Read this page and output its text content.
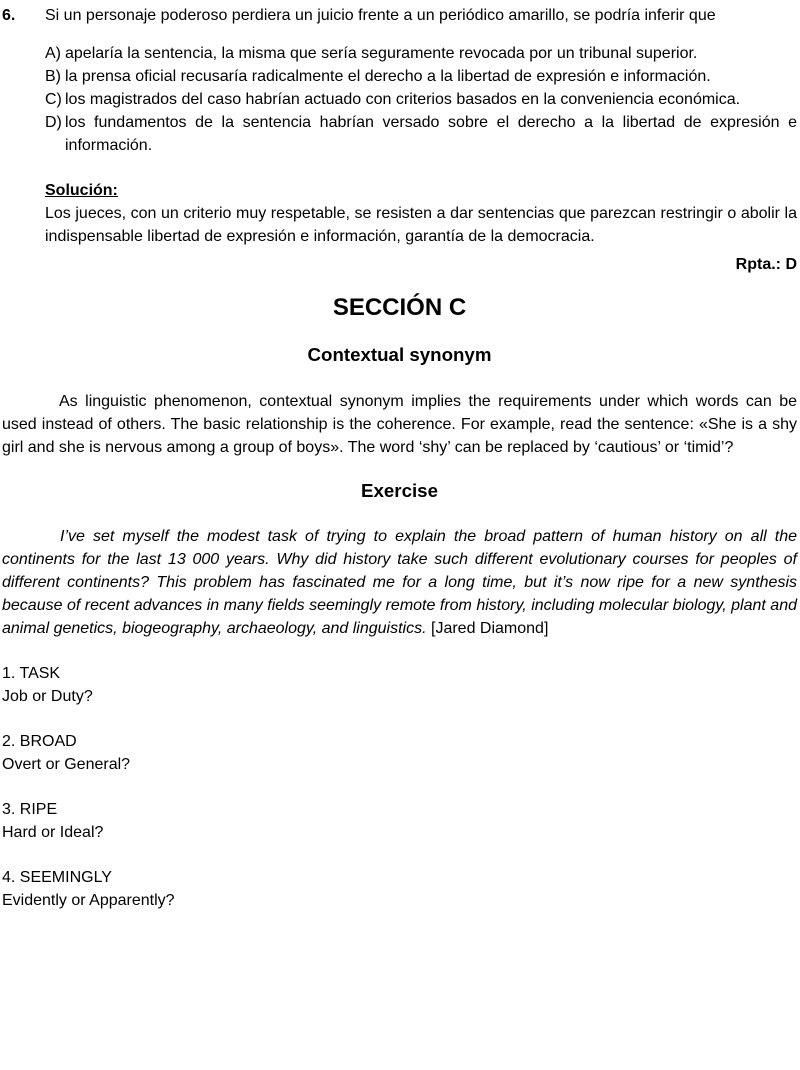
6.	Si un personaje poderoso perdiera un juicio frente a un periódico amarillo, se podría inferir que

A) apelaría la sentencia, la misma que sería seguramente revocada por un tribunal superior.

B) la prensa oficial recusaría radicalmente el derecho a la libertad de expresión e información.

C) los magistrados del caso habrían actuado con criterios basados en la conveniencia económica.

D) los fundamentos de la sentencia habrían versado sobre el derecho a la libertad de expresión e información.

Solución:

Los jueces, con un criterio muy respetable, se resisten a dar sentencias que parezcan restringir o abolir la indispensable libertad de expresión e información, garantía de la democracia.

Rpta.: D

SECCIÓN C
Contextual synonym

As linguistic phenomenon, contextual synonym implies the requirements under which words can be used instead of others. The basic relationship is the coherence. For example, read the sentence: «She is a shy girl and she is nervous among a group of boys». The word ‘shy’ can be replaced by ‘cautious’ or ‘timid’?

Exercise

I’ve set myself the modest task of trying to explain the broad pattern of human history on all the continents for the last 13 000 years. Why did history take such different evolutionary courses for peoples of different continents? This problem has fascinated me for a long time, but it’s now ripe for a new synthesis because of recent advances in many fields seemingly remote from history, including molecular biology, plant and animal genetics, biogeography, archaeology, and linguistics. [Jared Diamond]

1. TASK

Job or Duty?

2. BROAD

Overt or General?

3. RIPE

Hard or Ideal?

4. SEEMINGLY

Evidently or Apparently?
